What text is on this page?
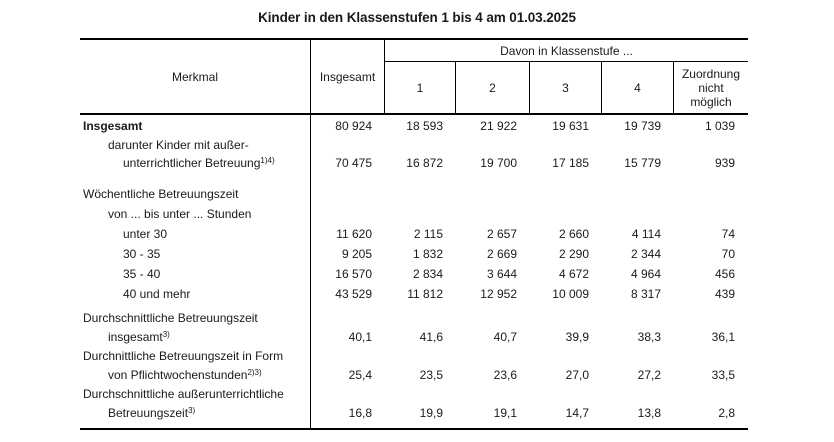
Kinder in den Klassenstufen 1 bis 4 am 01.03.2025
Merkmal	Insgesamt
Davon in Klassenstufe ...
1	2	3	4
Zuordnung
nicht
möglich
Insgesamt	80 924	18 593	21 922	19 631	19 739	1 039
darunter Kinder mit außer-
unterrichtlicher Betreuung$^{1)4)}$	70 475	16 872	19 700	17 185	15 779	939
Wöchentliche Betreuungszeit
von ... bis unter ... Stunden
unter 30	11 620	2 115	2 657	2 660	4 114	74
30 - 35	9 205	1 832	2 669	2 290	2 344	70
35 - 40	16 570	2 834	3 644	4 672	4 964	456
40 und mehr	43 529	11 812	12 952	10 009	8 317	439
Durchschnittliche Betreuungszeit
insgesamt$^{3)}$	40,1	41,6	40,7	39,9	38,3	36,1
Durchnittliche Betreuungszeit in Form
von Pflichtwochenstunden$^{2)3)}$	25,4	23,5	23,6	27,0	27,2	33,5
Durchschnittliche außerunterrichtliche
Betreuungszeit$^{3)}$	16,8	19,9	19,1	14,7	13,8	2,8
